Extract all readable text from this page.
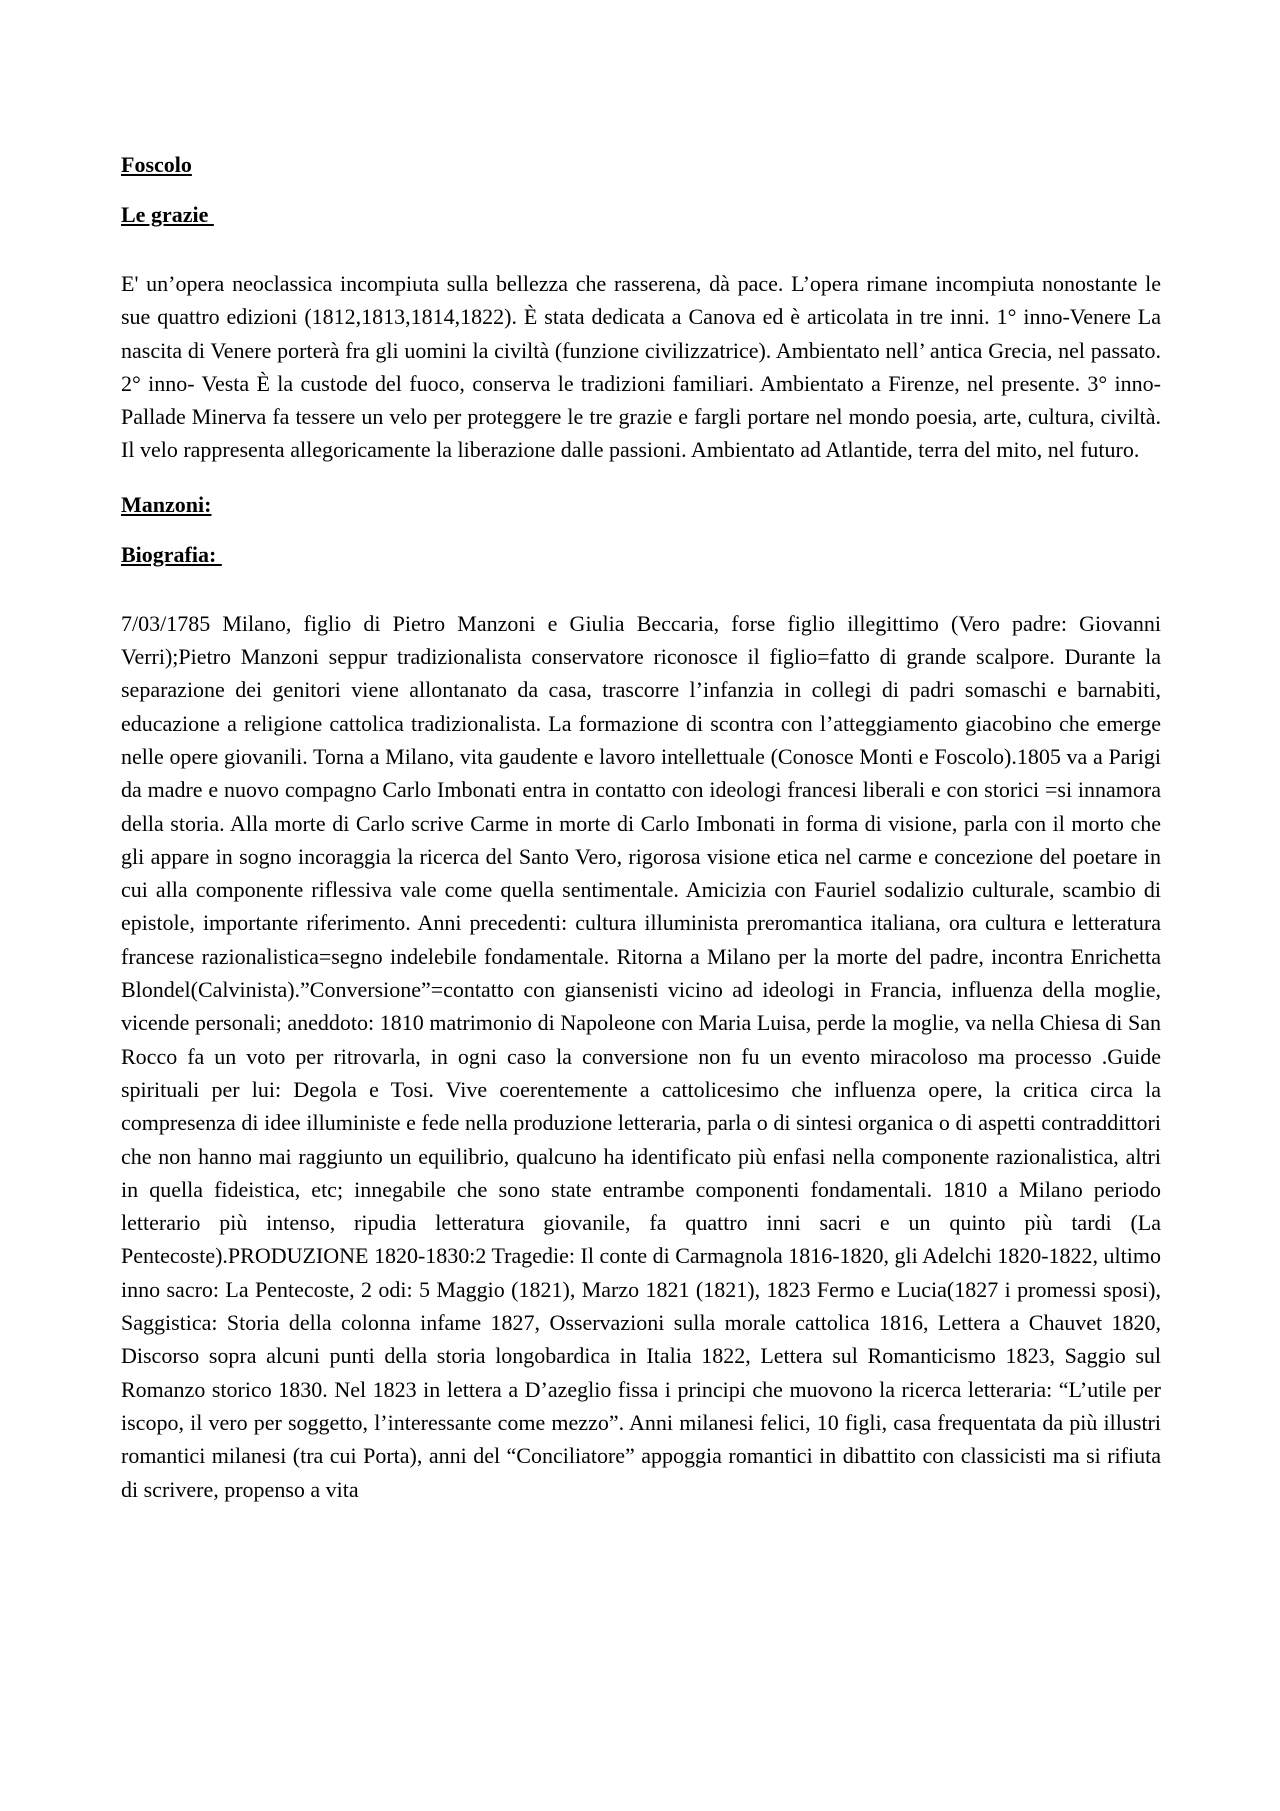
Foscolo

Le grazie

E' un’opera neoclassica incompiuta sulla bellezza che rasserena, dà pace. L’opera rimane incompiuta nonostante le sue quattro edizioni (1812,1813,1814,1822). È stata dedicata a Canova ed è articolata in tre inni. 1° inno-Venere La nascita di Venere porterà fra gli uomini la civiltà (funzione civilizzatrice). Ambientato nell’ antica Grecia, nel passato. 2° inno- Vesta È la custode del fuoco, conserva le tradizioni familiari. Ambientato a Firenze, nel presente. 3° inno-Pallade Minerva fa tessere un velo per proteggere le tre grazie e fargli portare nel mondo poesia, arte, cultura, civiltà. Il velo rappresenta allegoricamente la liberazione dalle passioni. Ambientato ad Atlantide, terra del mito, nel futuro.

Manzoni:

Biografia:

7/03/1785 Milano, figlio di Pietro Manzoni e Giulia Beccaria, forse figlio illegittimo (Vero padre: Giovanni Verri);Pietro Manzoni seppur tradizionalista conservatore riconosce il figlio=fatto di grande scalpore. Durante la separazione dei genitori viene allontanato da casa, trascorre l’infanzia in collegi di padri somaschi e barnabiti, educazione a religione cattolica tradizionalista. La formazione di scontra con l’atteggiamento giacobino che emerge nelle opere giovanili. Torna a Milano, vita gaudente e lavoro intellettuale (Conosce Monti e Foscolo).1805 va a Parigi da madre e nuovo compagno Carlo Imbonati entra in contatto con ideologi francesi liberali e con storici =si innamora della storia. Alla morte di Carlo scrive Carme in morte di Carlo Imbonati in forma di visione, parla con il morto che gli appare in sogno incoraggia la ricerca del Santo Vero, rigorosa visione etica nel carme e concezione del poetare in cui alla componente riflessiva vale come quella sentimentale. Amicizia con Fauriel sodalizio culturale, scambio di epistole, importante riferimento. Anni precedenti: cultura illuminista preromantica italiana, ora cultura e letteratura francese razionalistica=segno indelebile fondamentale. Ritorna a Milano per la morte del padre, incontra Enrichetta Blondel(Calvinista).”Conversione”=contatto con giansenisti vicino ad ideologi in Francia, influenza della moglie, vicende personali; aneddoto: 1810 matrimonio di Napoleone con Maria Luisa, perde la moglie, va nella Chiesa di San Rocco fa un voto per ritrovarla, in ogni caso la conversione non fu un evento miracoloso ma processo .Guide spirituali per lui: Degola e Tosi. Vive coerentemente a cattolicesimo che influenza opere, la critica circa la compresenza di idee illuministe e fede nella produzione letteraria, parla o di sintesi organica o di aspetti contraddittori che non hanno mai raggiunto un equilibrio, qualcuno ha identificato più enfasi nella componente razionalistica, altri in quella fideistica, etc; innegabile che sono state entrambe componenti fondamentali. 1810 a Milano periodo letterario più intenso, ripudia letteratura giovanile, fa quattro inni sacri e un quinto più tardi (La Pentecoste).PRODUZIONE 1820-1830:2 Tragedie: Il conte di Carmagnola 1816-1820, gli Adelchi 1820-1822, ultimo inno sacro: La Pentecoste, 2 odi: 5 Maggio (1821), Marzo 1821 (1821), 1823 Fermo e Lucia(1827 i promessi sposi), Saggistica: Storia della colonna infame 1827, Osservazioni sulla morale cattolica 1816, Lettera a Chauvet 1820, Discorso sopra alcuni punti della storia longobardica in Italia 1822, Lettera sul Romanticismo 1823, Saggio sul Romanzo storico 1830. Nel 1823 in lettera a D’azeglio fissa i principi che muovono la ricerca letteraria: “L’utile per iscopo, il vero per soggetto, l’interessante come mezzo”. Anni milanesi felici, 10 figli, casa frequentata da più illustri romantici milanesi (tra cui Porta), anni del “Conciliatore” appoggia romantici in dibattito con classicisti ma si rifiuta di scrivere, propenso a vita
